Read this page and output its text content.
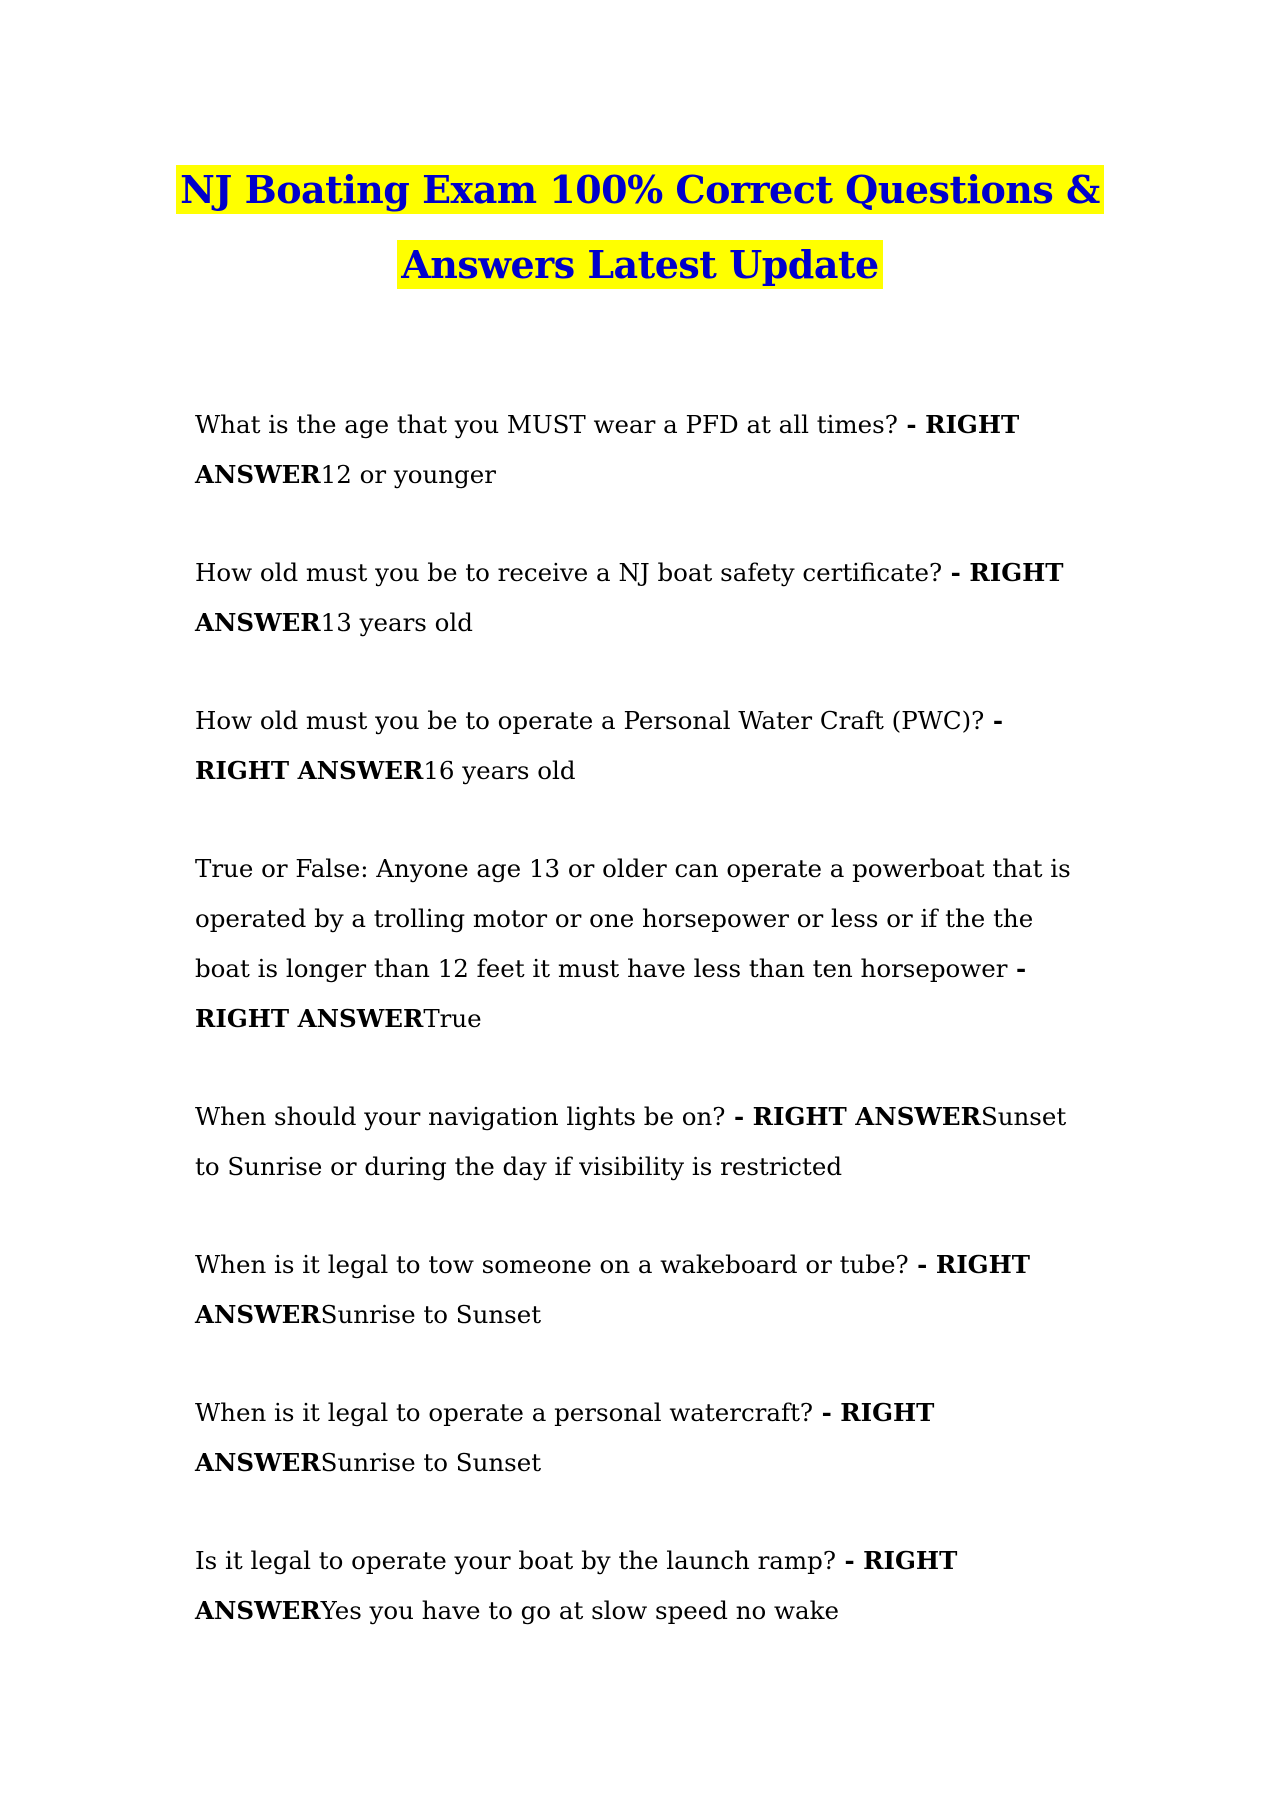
NJ Boating Exam 100% Correct Questions &
Answers Latest Update

What is the age that you MUST wear a PFD at all times? - RIGHT ANSWER12 or younger

How old must you be to receive a NJ boat safety certificate? - RIGHT ANSWER13 years old

How old must you be to operate a Personal Water Craft (PWC)? - RIGHT ANSWER16 years old

True or False: Anyone age 13 or older can operate a powerboat that is operated by a trolling motor or one horsepower or less or if the the boat is longer than 12 feet it must have less than ten horsepower - RIGHT ANSWERTrue

When should your navigation lights be on? - RIGHT ANSWERSunset to Sunrise or during the day if visibility is restricted

When is it legal to tow someone on a wakeboard or tube? - RIGHT ANSWERSunrise to Sunset

When is it legal to operate a personal watercraft? - RIGHT ANSWERSunrise to Sunset

Is it legal to operate your boat by the launch ramp? - RIGHT ANSWERYes you have to go at slow speed no wake
